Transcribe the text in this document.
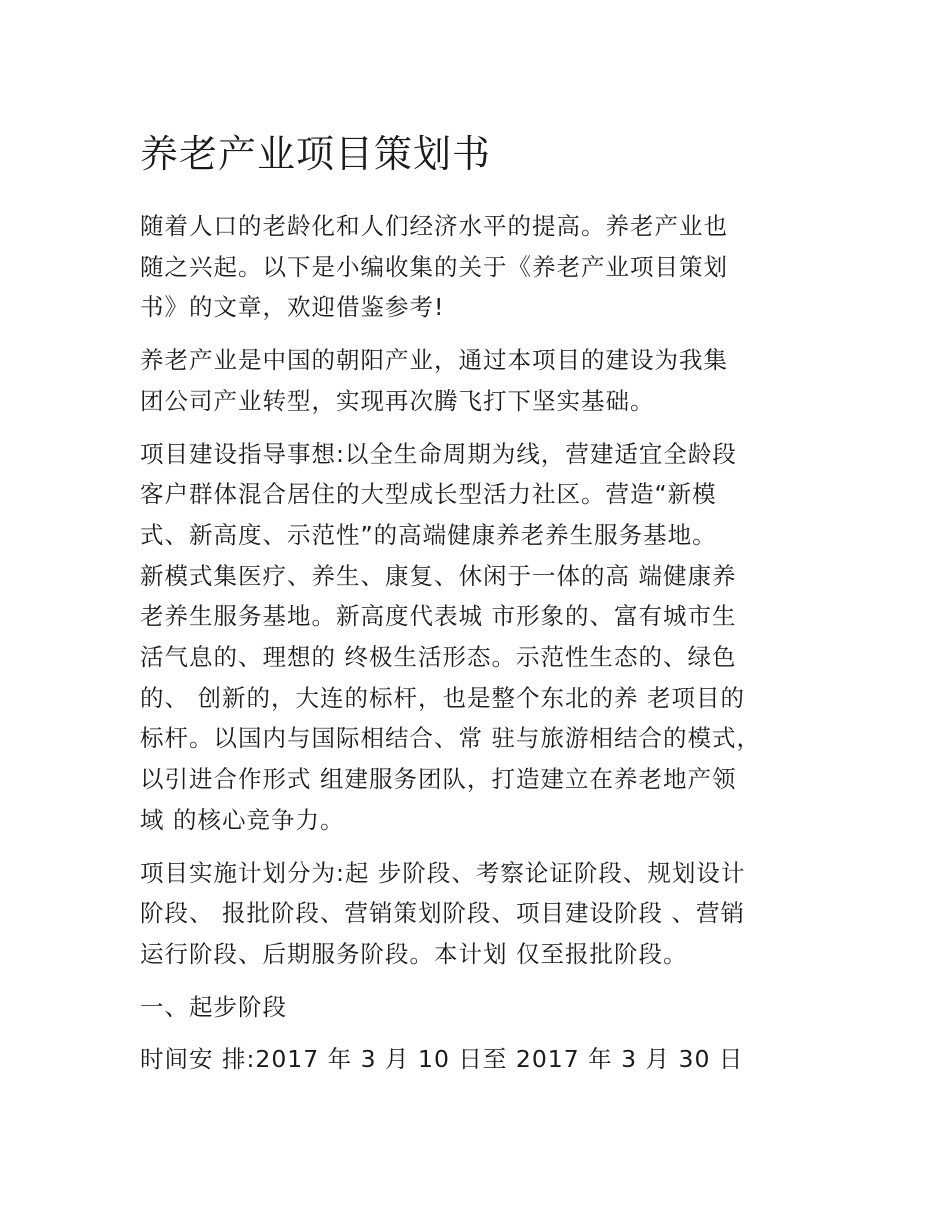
养老产业项目策划书

随着人口的老龄化和人们经济水平的提高。养老产业也
随之兴起。以下是小编收集的关于《养老产业项目策划
书》的文章，欢迎借鉴参考!

养老产业是中国的朝阳产业，通过本项目的建设为我集
团公司产业转型，实现再次腾飞打下坚实基础。

项目建设指导事想:以全生命周期为线，营建适宜全龄段
客户群体混合居住的大型成长型活力社区。营造“新模
式、新高度、示范性”的高端健康养老养生服务基地。
新模式集医疗、养生、康复、休闲于一体的高 端健康养
老养生服务基地。新高度代表城 市形象的、富有城市生
活气息的、理想的 终极生活形态。示范性生态的、绿色
的、 创新的，大连的标杆，也是整个东北的养 老项目的
标杆。以国内与国际相结合、常 驻与旅游相结合的模式，
以引进合作形式 组建服务团队，打造建立在养老地产领
域 的核心竞争力。

项目实施计划分为:起 步阶段、考察论证阶段、规划设计
阶段、 报批阶段、营销策划阶段、项目建设阶段 、营销
运行阶段、后期服务阶段。本计划 仅至报批阶段。

一、起步阶段

时间安 排:2017 年 3 月 10 日至 2017 年 3 月 30 日
